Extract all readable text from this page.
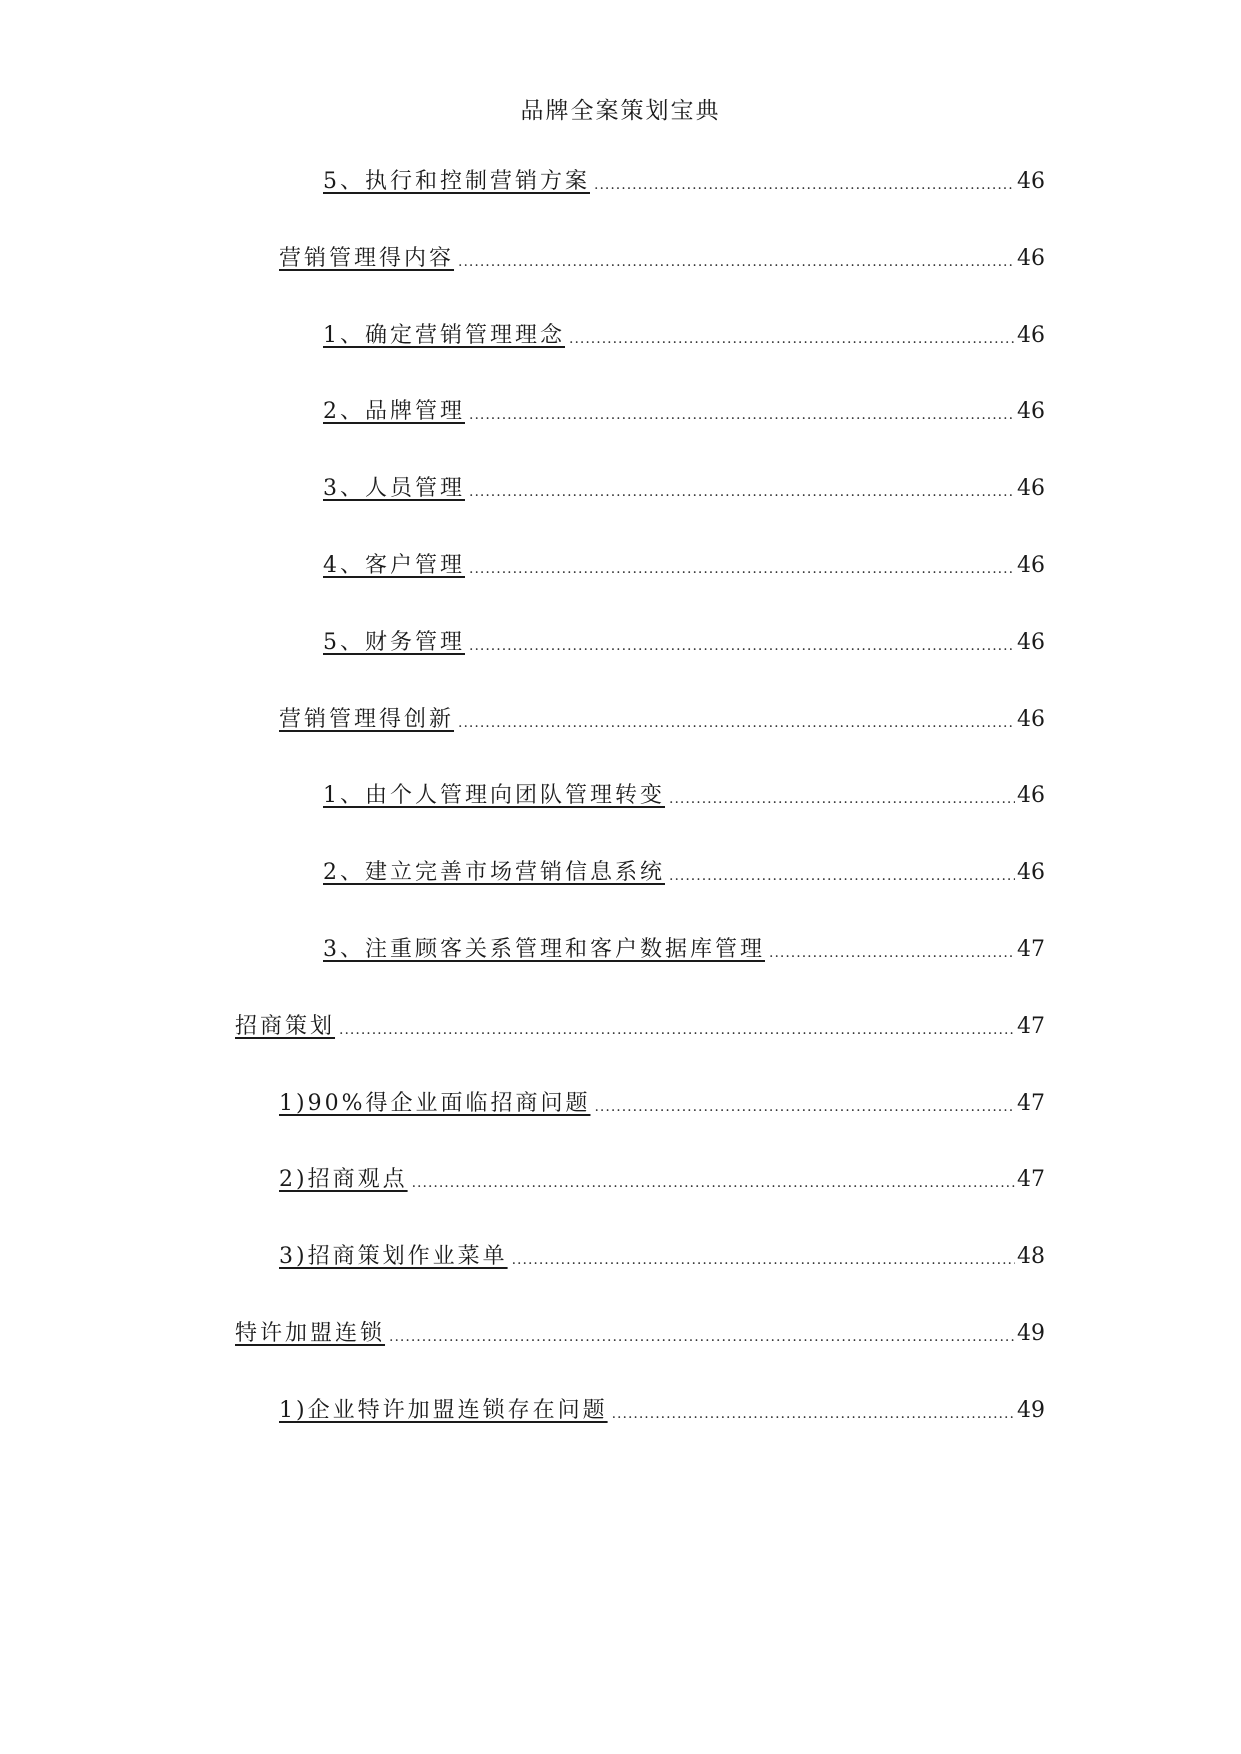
品牌全案策划宝典
5、执行和控制营销方案 .....	46
营销管理得内容 .....	46
1、确定营销管理理念 .....	46
2、品牌管理 .....	46
3、人员管理 .....	46
4、客户管理 .....	46
5、财务管理 .....	46
营销管理得创新 .....	46
1、由个人管理向团队管理转变 .....	46
2、建立完善市场营销信息系统 .....	46
3、注重顾客关系管理和客户数据库管理 .....	47
招商策划 .....	47
1)90%得企业面临招商问题 .....	47
2)招商观点 .....	47
3)招商策划作业菜单 .....	48
特许加盟连锁 .....	49
1)企业特许加盟连锁存在问题 .....	49
